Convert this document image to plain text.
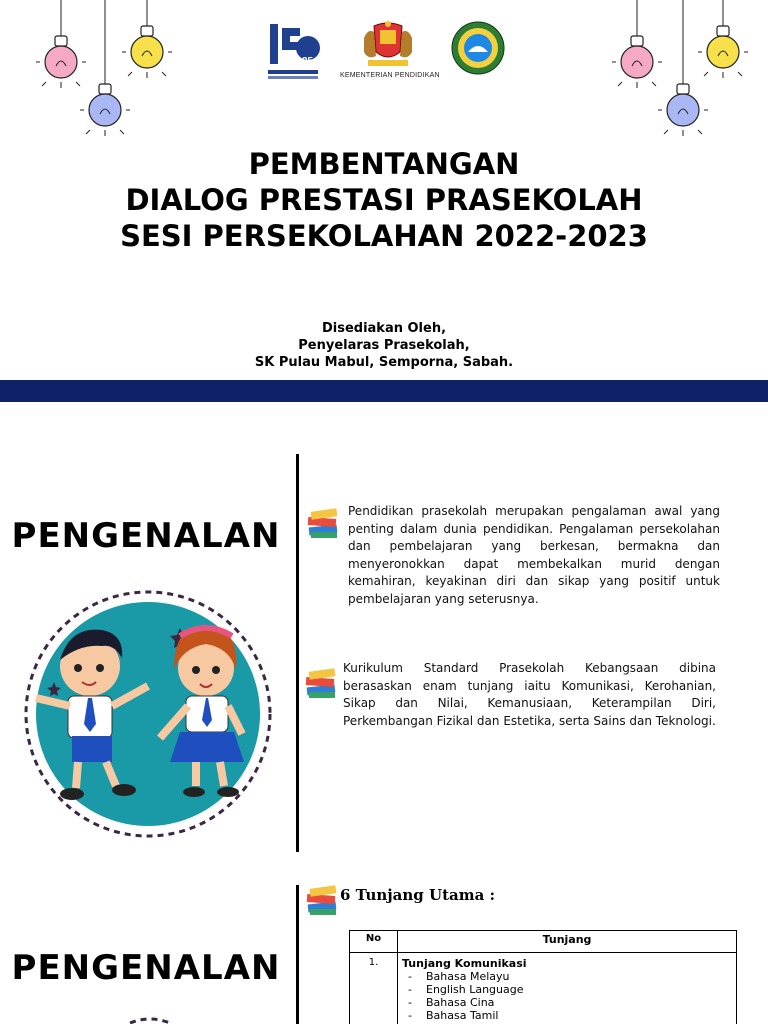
25
KEMENTERIAN PENDIDIKAN
PEMBENTANGAN
DIALOG PRESTASI PRASEKOLAH
SESI PERSEKOLAHAN 2022-2023
Disediakan Oleh,
Penyelaras Prasekolah,
SK Pulau Mabul, Semporna, Sabah.
PENGENALAN
Pendidikan prasekolah merupakan pengalaman awal yang penting dalam dunia pendidikan. Pengalaman persekolahan dan pembelajaran yang berkesan, bermakna dan menyeronokkan dapat membekalkan murid dengan kemahiran, keyakinan diri dan sikap yang positif untuk pembelajaran yang seterusnya.
Kurikulum Standard Prasekolah Kebangsaan dibina berasaskan enam tunjang iaitu Komunikasi, Kerohanian, Sikap dan Nilai, Kemanusiaan, Keterampilan Diri, Perkembangan Fizikal dan Estetika, serta Sains dan Teknologi.
PENGENALAN
6 Tunjang Utama :
No	Tunjang
1.	Tunjang Komunikasi
- Bahasa Melayu
- English Language
- Bahasa Cina
- Bahasa Tamil
